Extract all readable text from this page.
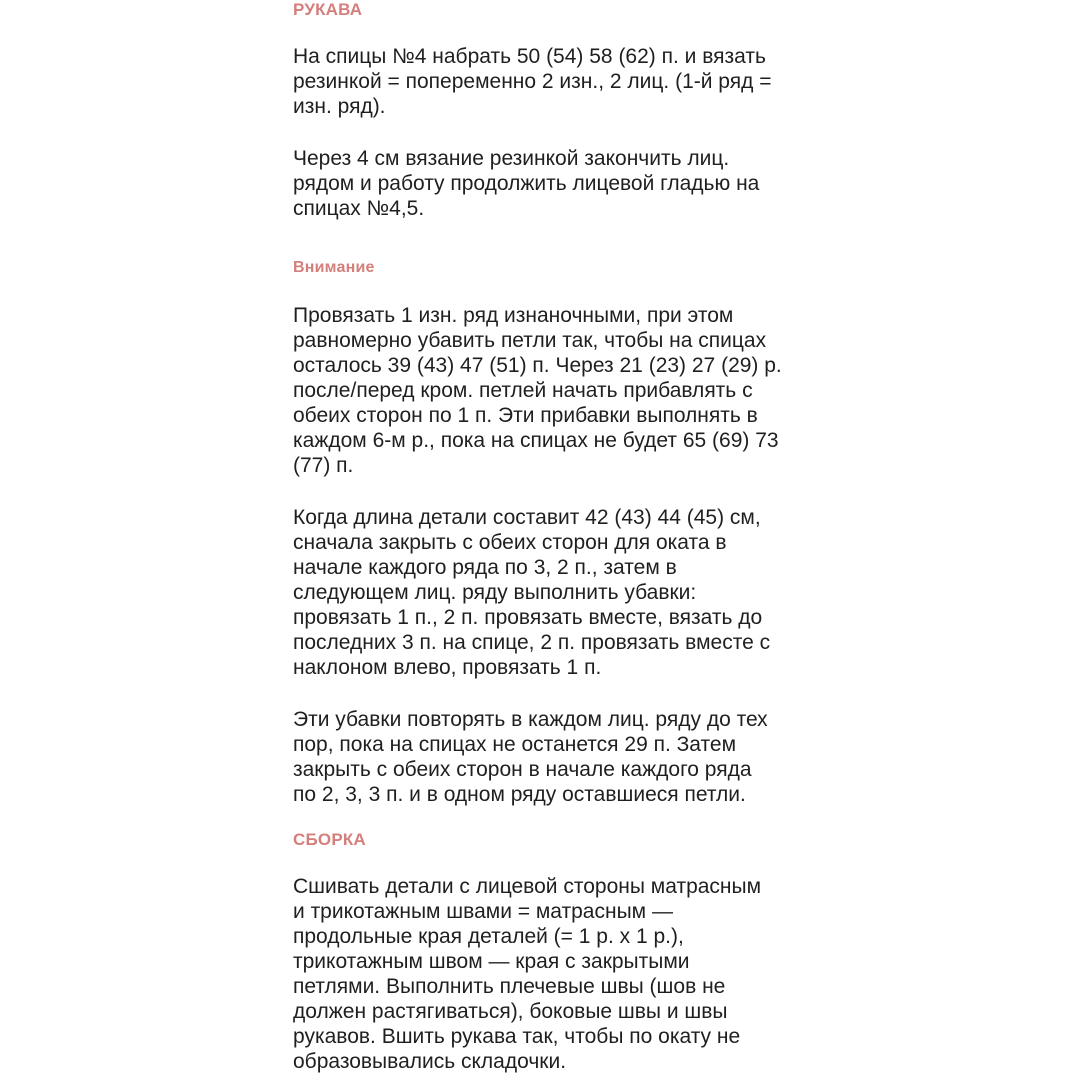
РУКАВА

На спицы №4 набрать 50 (54) 58 (62) п. и вязать
резинкой = попеременно 2 изн., 2 лиц. (1-й ряд =
изн. ряд).

Через 4 см вязание резинкой закончить лиц.
рядом и работу продолжить лицевой гладью на
спицах №4,5.

Внимание

Провязать 1 изн. ряд изнаночными, при этом
равномерно убавить петли так, чтобы на спицах
осталось 39 (43) 47 (51) п. Через 21 (23) 27 (29) р.
после/перед кром. петлей начать прибавлять с
обеих сторон по 1 п. Эти прибавки выполнять в
каждом 6-м р., пока на спицах не будет 65 (69) 73
(77) п.

Когда длина детали составит 42 (43) 44 (45) см,
сначала закрыть с обеих сторон для оката в
начале каждого ряда по 3, 2 п., затем в
следующем лиц. ряду выполнить убавки:
провязать 1 п., 2 п. провязать вместе, вязать до
последних 3 п. на спице, 2 п. провязать вместе с
наклоном влево, провязать 1 п.

Эти убавки повторять в каждом лиц. ряду до тех
пор, пока на спицах не останется 29 п. Затем
закрыть с обеих сторон в начале каждого ряда
по 2, 3, 3 п. и в одном ряду оставшиеся петли.

СБОРКА

Сшивать детали с лицевой стороны матрасным
и трикотажным швами = матрасным —
продольные края деталей (= 1 р. x 1 р.),
трикотажным швом — края с закрытыми
петлями. Выполнить плечевые швы (шов не
должен растягиваться), боковые швы и швы
рукавов. Вшить рукава так, чтобы по окату не
образовывались складочки.
